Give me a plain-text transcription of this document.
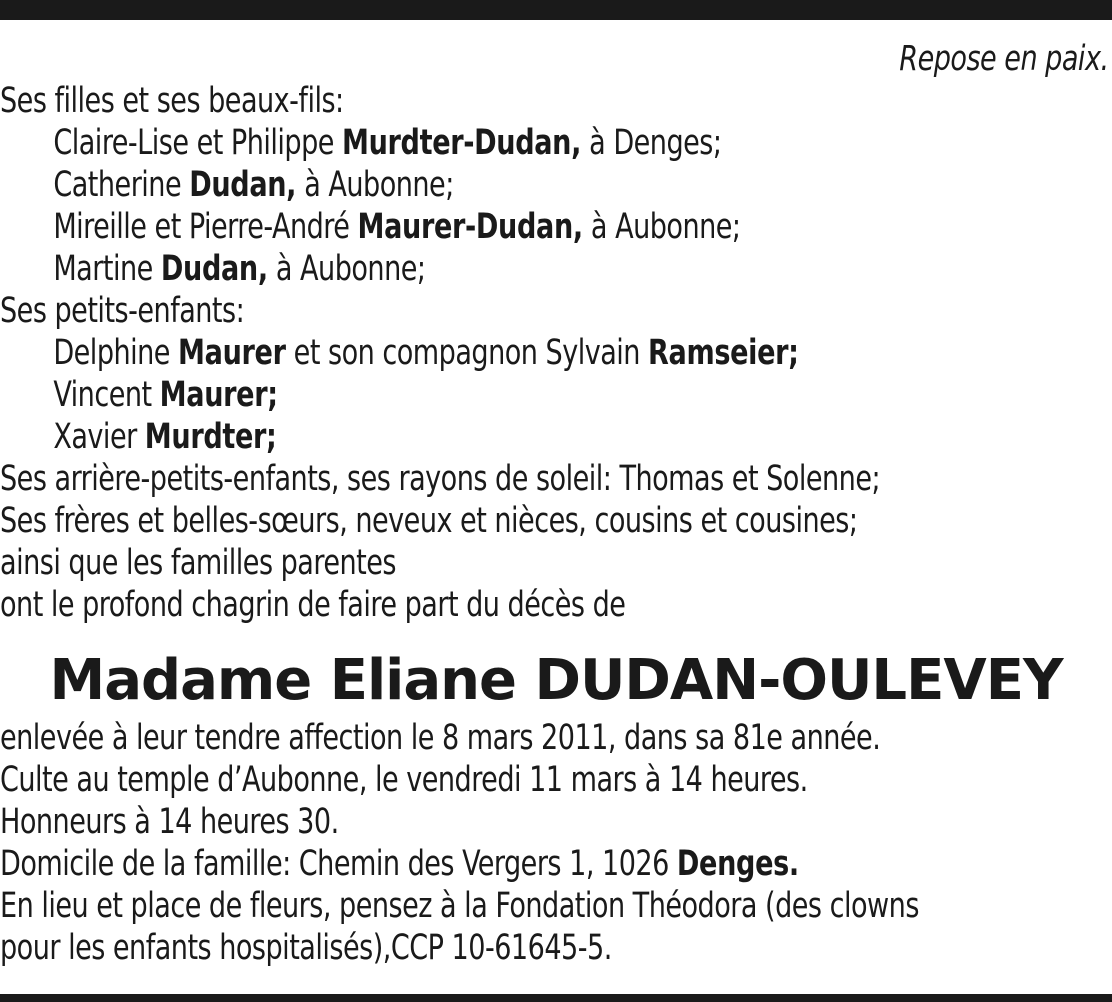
Repose en paix.
Ses filles et ses beaux-fils:
Claire-Lise et Philippe Murdter-Dudan, à Denges;
Catherine Dudan, à Aubonne;
Mireille et Pierre-André Maurer-Dudan, à Aubonne;
Martine Dudan, à Aubonne;
Ses petits-enfants:
Delphine Maurer et son compagnon Sylvain Ramseier;
Vincent Maurer;
Xavier Murdter;
Ses arrière-petits-enfants, ses rayons de soleil: Thomas et Solenne;
Ses frères et belles-sœurs, neveux et nièces, cousins et cousines;
ainsi que les familles parentes
ont le profond chagrin de faire part du décès de
Madame Eliane DUDAN-OULEVEY
enlevée à leur tendre affection le 8 mars 2011, dans sa 81e année.
Culte au temple d’Aubonne, le vendredi 11 mars à 14 heures.
Honneurs à 14 heures 30.
Domicile de la famille: Chemin des Vergers 1, 1026 Denges.
En lieu et place de fleurs, pensez à la Fondation Théodora (des clowns
pour les enfants hospitalisés),CCP 10-61645-5.
